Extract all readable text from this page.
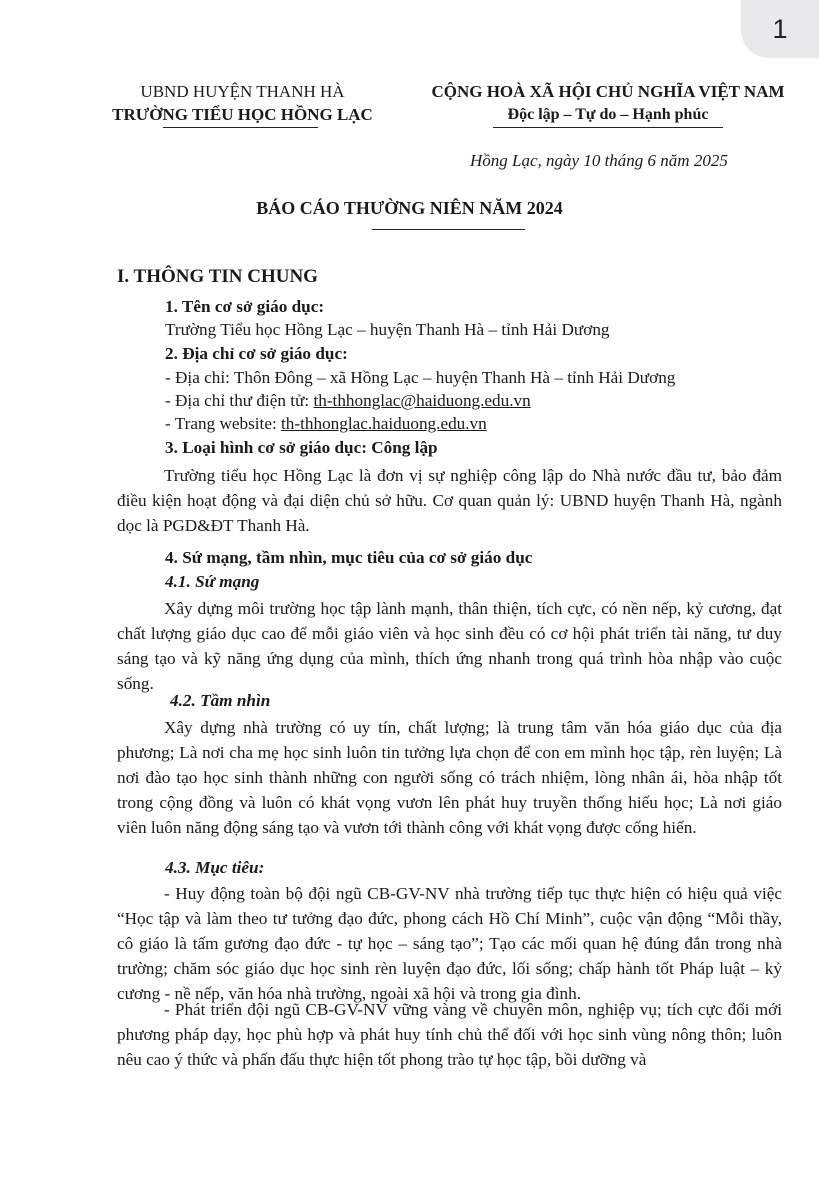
1
UBND HUYỆN THANH HÀ
TRƯỜNG TIỂU HỌC HỒNG LẠC
CỘNG HOÀ XÃ HỘI CHỦ NGHĨA VIỆT NAM
Độc lập – Tự do – Hạnh phúc
Hồng Lạc, ngày 10 tháng 6 năm 2025
BÁO CÁO THƯỜNG NIÊN NĂM 2024
I. THÔNG TIN CHUNG
1. Tên cơ sở giáo dục:
Trường Tiểu học Hồng Lạc – huyện Thanh Hà – tỉnh Hải Dương
2. Địa chỉ cơ sở giáo dục:
- Địa chỉ: Thôn Đông – xã Hồng Lạc – huyện Thanh Hà – tỉnh Hải Dương
- Địa chỉ thư điện tử: th-thhonglac@haiduong.edu.vn
- Trang website: th-thhonglac.haiduong.edu.vn
3. Loại hình cơ sở giáo dục: Công lập
Trường tiểu học Hồng Lạc là đơn vị sự nghiệp công lập do Nhà nước đầu tư, bảo đảm điều kiện hoạt động và đại diện chủ sở hữu. Cơ quan quản lý: UBND huyện Thanh Hà, ngành dọc là PGD&ĐT Thanh Hà.
4. Sứ mạng, tầm nhìn, mục tiêu của cơ sở giáo dục
4.1. Sứ mạng
Xây dựng môi trường học tập lành mạnh, thân thiện, tích cực, có nền nếp, kỷ cương, đạt chất lượng giáo dục cao để mỗi giáo viên và học sinh đều có cơ hội phát triển tài năng, tư duy sáng tạo và kỹ năng ứng dụng của mình, thích ứng nhanh trong quá trình hòa nhập vào cuộc sống.
4.2. Tầm nhìn
Xây dựng nhà trường có uy tín, chất lượng; là trung tâm văn hóa giáo dục của địa phương; Là nơi cha mẹ học sinh luôn tin tưởng lựa chọn để con em mình học tập, rèn luyện; Là nơi đào tạo học sinh thành những con người sống có trách nhiệm, lòng nhân ái, hòa nhập tốt trong cộng đồng và luôn có khát vọng vươn lên phát huy truyền thống hiếu học; Là nơi giáo viên luôn năng động sáng tạo và vươn tới thành công với khát vọng được cống hiến.
4.3. Mục tiêu:
- Huy động toàn bộ đội ngũ CB-GV-NV nhà trường tiếp tục thực hiện có hiệu quả việc “Học tập và làm theo tư tưởng đạo đức, phong cách Hồ Chí Minh”, cuộc vận động “Mỗi thầy, cô giáo là tấm gương đạo đức - tự học – sáng tạo”; Tạo các mối quan hệ đúng đắn trong nhà trường; chăm sóc giáo dục học sinh rèn luyện đạo đức, lối sống; chấp hành tốt Pháp luật – kỷ cương - nề nếp, văn hóa nhà trường, ngoài xã hội và trong gia đình.
- Phát triển đội ngũ CB-GV-NV vững vàng về chuyên môn, nghiệp vụ; tích cực đổi mới phương pháp dạy, học phù hợp và phát huy tính chủ thể đối với học sinh vùng nông thôn; luôn nêu cao ý thức và phấn đấu thực hiện tốt phong trào tự học tập, bồi dưỡng và
